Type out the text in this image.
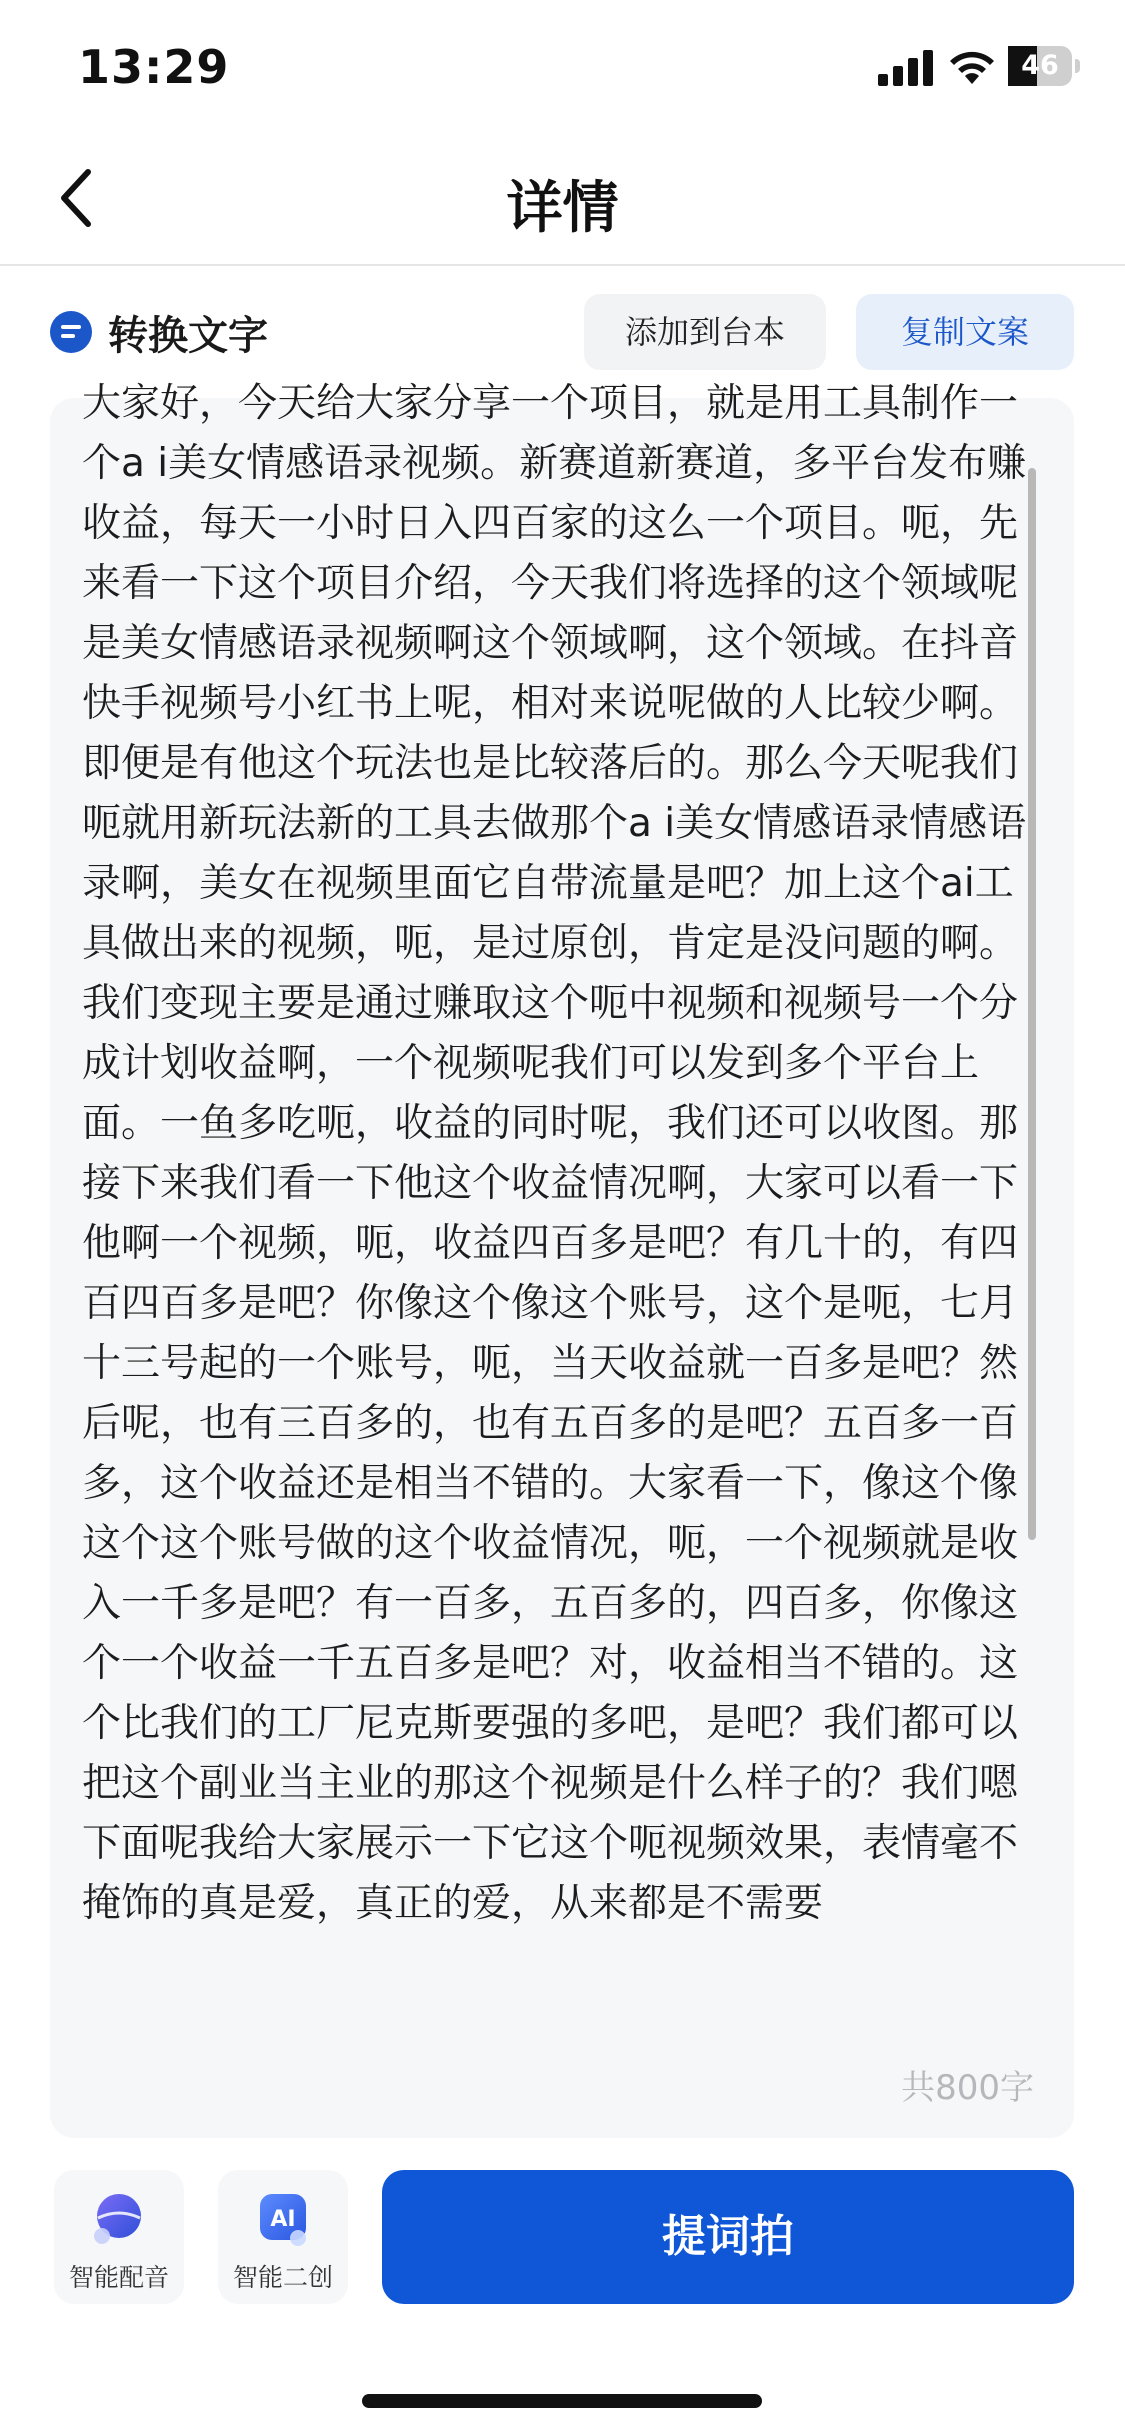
13:29	46
详情
转换文字	添加到台本	复制文案
大家好，今天给大家分享一个项目，就是用工具制作一个a i美女情感语录视频。新赛道新赛道，多平台发布赚收益，每天一小时日入四百家的这么一个项目。呃，先来看一下这个项目介绍，今天我们将选择的这个领域呢是美女情感语录视频啊这个领域啊，这个领域。在抖音快手视频号小红书上呢，相对来说呢做的人比较少啊。即便是有他这个玩法也是比较落后的。那么今天呢我们呃就用新玩法新的工具去做那个a i美女情感语录情感语录啊，美女在视频里面它自带流量是吧？加上这个ai工具做出来的视频，呃，是过原创，肯定是没问题的啊。我们变现主要是通过赚取这个呃中视频和视频号一个分成计划收益啊，一个视频呢我们可以发到多个平台上面。一鱼多吃呃，收益的同时呢，我们还可以收图。那接下来我们看一下他这个收益情况啊，大家可以看一下他啊一个视频，呃，收益四百多是吧？有几十的，有四百四百多是吧？你像这个像这个账号，这个是呃，七月十三号起的一个账号，呃，当天收益就一百多是吧？然后呢，也有三百多的，也有五百多的是吧？五百多一百多，这个收益还是相当不错的。大家看一下，像这个像这个这个账号做的这个收益情况，呃，一个视频就是收入一千多是吧？有一百多，五百多的，四百多，你像这个一个收益一千五百多是吧？对，收益相当不错的。这个比我们的工厂尼克斯要强的多吧，是吧？我们都可以把这个副业当主业的那这个视频是什么样子的？我们嗯下面呢我给大家展示一下它这个呃视频效果，表情毫不掩饰的真是爱，真正的爱，从来都是不需要
共800字
智能配音
AI
智能二创
提词拍
